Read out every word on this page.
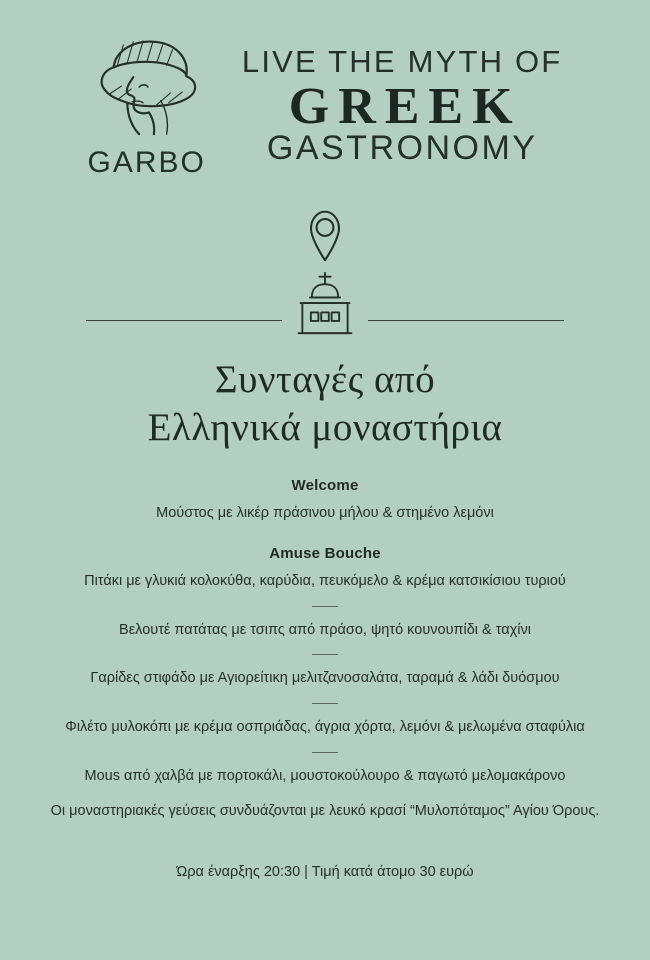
GARBO
LIVE THE MYTH OF
GREEK
GASTRONOMY
Συνταγές από
Ελληνικά μοναστήρια
Welcome
Μούστος με λικέρ πράσινου μήλου & στημένο λεμόνι
Amuse Bouche
Πιτάκι με γλυκιά κολοκύθα, καρύδια, πευκόμελο & κρέμα κατσικίσιου τυριού
Βελουτέ πατάτας με τσιπς από πράσο, ψητό κουνουπίδι & ταχίνι
Γαρίδες στιφάδο με Αγιορείτικη μελιτζανοσαλάτα, ταραμά & λάδι δυόσμου
Φιλέτο μυλοκόπι με κρέμα οσπριάδας, άγρια χόρτα, λεμόνι & μελωμένα σταφύλια
Mous από χαλβά με πορτοκάλι, μουστοκούλουρο & παγωτό μελομακάρονο
Οι μοναστηριακές γεύσεις συνδυάζονται με λευκό κρασί “Μυλοπόταμος” Αγίου Όρους.
Ώρα έναρξης 20:30 | Τιμή κατά άτομο 30 ευρώ
